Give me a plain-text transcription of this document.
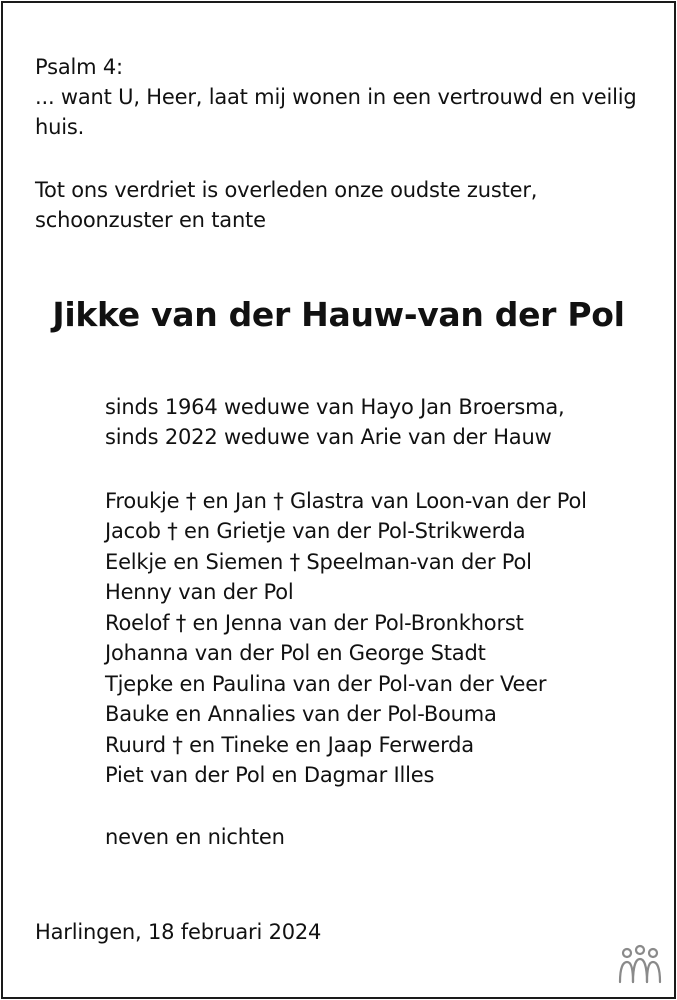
Psalm 4:
... want U, Heer, laat mij wonen in een vertrouwd en veilig
huis.
Tot ons verdriet is overleden onze oudste zuster,
schoonzuster en tante
Jikke van der Hauw-van der Pol
sinds 1964 weduwe van Hayo Jan Broersma,
sinds 2022 weduwe van Arie van der Hauw
Froukje † en Jan † Glastra van Loon-van der Pol
Jacob † en Grietje van der Pol-Strikwerda
Eelkje en Siemen † Speelman-van der Pol
Henny van der Pol
Roelof † en Jenna van der Pol-Bronkhorst
Johanna van der Pol en George Stadt
Tjepke en Paulina van der Pol-van der Veer
Bauke en Annalies van der Pol-Bouma
Ruurd † en Tineke en Jaap Ferwerda
Piet van der Pol en Dagmar Illes
neven en nichten
Harlingen, 18 februari 2024
